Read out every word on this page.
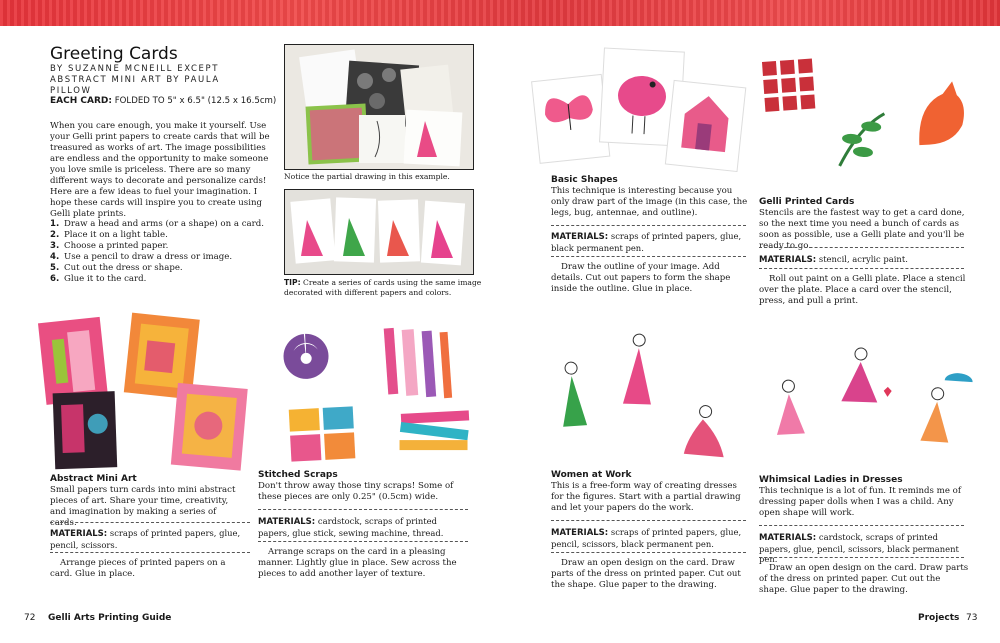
Greeting Cards
BY SUZANNE MCNEILL EXCEPT ABSTRACT MINI ART BY PAULA PILLOW
EACH CARD: FOLDED TO 5" x 6.5" (12.5 x 16.5cm)
When you care enough, you make it yourself. Use your Gelli print papers to create cards that will be treasured as works of art. The image possibilities are endless and the opportunity to make someone you love smile is priceless. There are so many different ways to decorate and personalize cards! Here are a few ideas to fuel your imagination. I hope these cards will inspire you to create using Gelli plate prints.
1. Draw a head and arms (or a shape) on a card.
2. Place it on a light table.
3. Choose a printed paper.
4. Use a pencil to draw a dress or image.
5. Cut out the dress or shape.
6. Glue it to the card.
Notice the partial drawing in this example.
TIP: Create a series of cards using the same image decorated with different papers and colors.
Abstract Mini Art
Small papers turn cards into mini abstract pieces of art. Share your time, creativity, and imagination by making a series of cards.
MATERIALS: scraps of printed papers, glue, pencil, scissors.
Arrange pieces of printed papers on a card. Glue in place.
Stitched Scraps
Don't throw away those tiny scraps! Some of these pieces are only 0.25" (0.5cm) wide.
MATERIALS: cardstock, scraps of printed papers, glue stick, sewing machine, thread.
Arrange scraps on the card in a pleasing manner. Lightly glue in place. Sew across the pieces to add another layer of texture.
72 Gelli Arts Printing Guide
Basic Shapes
This technique is interesting because you only draw part of the image (in this case, the legs, bug, antennae, and outline).
MATERIALS: scraps of printed papers, glue, black permanent pen.
Draw the outline of your image. Add details. Cut out papers to form the shape inside the outline. Glue in place.
Gelli Printed Cards
Stencils are the fastest way to get a card done, so the next time you need a bunch of cards as soon as possible, use a Gelli plate and you'll be ready to go.
MATERIALS: stencil, acrylic paint.
Roll out paint on a Gelli plate. Place a stencil over the plate. Place a card over the stencil, press, and pull a print.
Women at Work
This is a free-form way of creating dresses for the figures. Start with a partial drawing and let your papers do the work.
MATERIALS: scraps of printed papers, glue, pencil, scissors, black permanent pen.
Draw an open design on the card. Draw parts of the dress on printed paper. Cut out the shape. Glue paper to the drawing.
Whimsical Ladies in Dresses
This technique is a lot of fun. It reminds me of dressing paper dolls when I was a child. Any open shape will work.
MATERIALS: cardstock, scraps of printed papers, glue, pencil, scissors, black permanent pen.
Draw an open design on the card. Draw parts of the dress on printed paper. Cut out the shape. Glue paper to the drawing.
Projects 73
